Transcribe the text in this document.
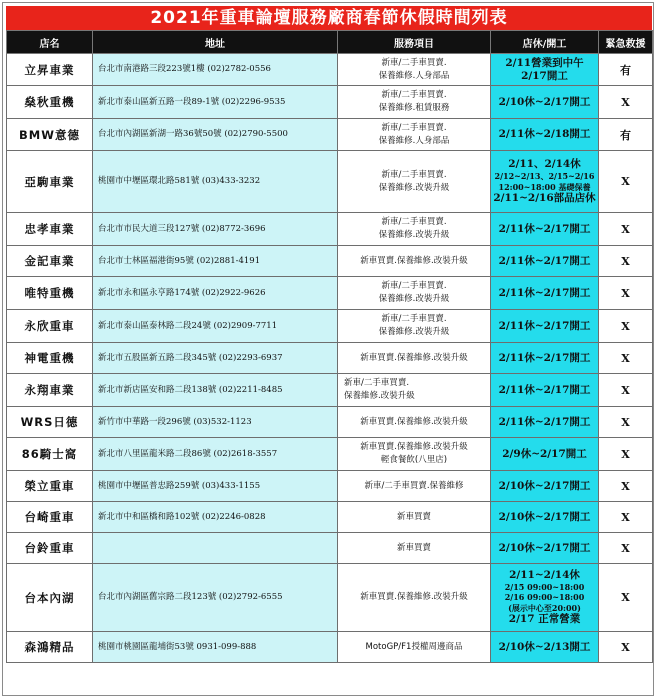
2021年重車論壇服務廠商春節休假時間列表
店名	地址	服務項目	店休/開工	緊急救援
立昇車業	台北市南港路三段223號1樓 (02)2782-0556	新車/二手車買賣.
保養維修.人身部品	2/11營業到中午
2/17開工	有
燊秋重機	新北市泰山區新五路一段89-1號 (02)2296-9535	新車/二手車買賣.
保養維修.租賃服務	2/10休~2/17開工	X
BMW意德	台北市內湖區新湖一路36號50號 (02)2790-5500	新車/二手車買賣.
保養維修.人身部品	2/11休~2/18開工	有
亞駒車業	桃園市中壢區環北路581號 (03)433-3232	新車/二手車買賣.
保養維修.改裝升級	2/11、2/14休
2/12~2/13、2/15~2/16
12:00~18:00 基礎保養
2/11~2/16部品店休	X
忠孝車業	台北市市民大道三段127號 (02)8772-3696	新車/二手車買賣.
保養維修.改裝升級	2/11休~2/17開工	X
金記車業	台北市士林區福港街95號 (02)2881-4191	新車買賣.保養維修.改裝升級	2/11休~2/17開工	X
唯特重機	新北市永和區永亨路174號 (02)2922-9626	新車/二手車買賣.
保養維修.改裝升級	2/11休~2/17開工	X
永欣重車	新北市泰山區泰林路二段24號 (02)2909-7711	新車/二手車買賣.
保養維修.改裝升級	2/11休~2/17開工	X
神電重機	新北市五股區新五路二段345號 (02)2293-6937	新車買賣.保養維修.改裝升級	2/11休~2/17開工	X
永翔車業	新北市新店區安和路二段138號 (02)2211-8485	新車/二手車買賣.
保養維修.改裝升級	2/11休~2/17開工	X
WRS日德	新竹市中華路一段296號 (03)532-1123	新車買賣.保養維修.改裝升級	2/11休~2/17開工	X
86騎士窩	新北市八里區龍米路二段86號 (02)2618-3557	新車買賣.保養維修.改裝升級
輕食餐飲(八里店)	2/9休~2/17開工	X
榮立重車	桃園市中壢區普忠路259號 (03)433-1155	新車/二手車買賣.保養維修	2/10休~2/17開工	X
台崎重車	新北市中和區橋和路102號 (02)2246-0828	新車買賣	2/10休~2/17開工	X
台鈴重車		新車買賣	2/10休~2/17開工	X
台本內湖	台北市內湖區舊宗路二段123號 (02)2792-6555	新車買賣.保養維修.改裝升級	2/11~2/14休
2/15 09:00~18:00
2/16 09:00~18:00
(展示中心至20:00)
2/17 正常營業	X
森鴻精品	桃園市桃園區龍埔街53號 0931-099-888	MotoGP/F1授權周邊商品	2/10休~2/13開工	X
